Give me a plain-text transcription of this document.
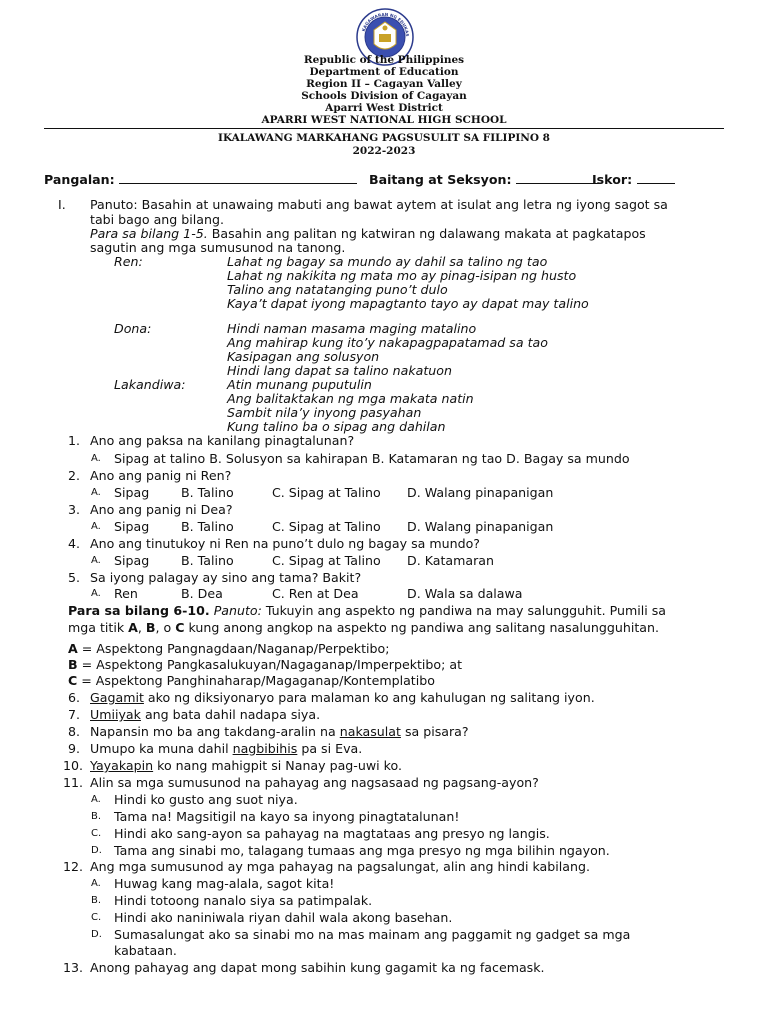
KAGAWARAN NG EDUKAS
Republic of the Philippines
Department of Education
Region II – Cagayan Valley
Schools Division of Cagayan
Aparri West District
APARRI WEST NATIONAL HIGH SCHOOL
IKALAWANG MARKAHANG PAGSUSULIT SA FILIPINO 8
2022-2023
Pangalan:	Baitang at Seksyon:	Iskor:
I. Panuto: Basahin at unawaing mabuti ang bawat aytem at isulat ang letra ng iyong sagot sa
tabi bago ang bilang.
Para sa bilang 1-5. Basahin ang palitan ng katwiran ng dalawang makata at pagkatapos
sagutin ang mga sumusunod na tanong.
Ren:	Lahat ng bagay sa mundo ay dahil sa talino ng tao
Lahat ng nakikita ng mata mo ay pinag-isipan ng husto
Talino ang natatanging puno’t dulo
Kaya’t dapat iyong mapagtanto tayo ay dapat may talino
Dona:	Hindi naman masama maging matalino
Ang mahirap kung ito’y nakapagpapatamad sa tao
Kasipagan ang solusyon
Hindi lang dapat sa talino nakatuon
Lakandiwa:	Atin munang puputulin
Ang balitaktakan ng mga makata natin
Sambit nila’y inyong pasyahan
Kung talino ba o sipag ang dahilan
1. Ano ang paksa na kanilang pinagtalunan?
A. Sipag at talino B. Solusyon sa kahirapan B. Katamaran ng tao D. Bagay sa mundo
2. Ano ang panig ni Ren?
A. Sipag	B. Talino	C. Sipag at Talino D. Walang pinapanigan
3. Ano ang panig ni Dea?
A. Sipag	B. Talino	C. Sipag at Talino D. Walang pinapanigan
4. Ano ang tinutukoy ni Ren na puno’t dulo ng bagay sa mundo?
A. Sipag	B. Talino	C. Sipag at Talino D. Katamaran
5. Sa iyong palagay ay sino ang tama? Bakit?
A. Ren	B. Dea	C. Ren at Dea	D. Wala sa dalawa
Para sa bilang 6-10. Panuto: Tukuyin ang aspekto ng pandiwa na may salungguhit. Pumili sa
mga titik A, B, o C kung anong angkop na aspekto ng pandiwa ang salitang nasalungguhitan.
A = Aspektong Pangnagdaan/Naganap/Perpektibo;
B = Aspektong Pangkasalukuyan/Nagaganap/Imperpektibo; at
C = Aspektong Panghinaharap/Magaganap/Kontemplatibo
6. Gagamit ako ng diksiyonaryo para malaman ko ang kahulugan ng salitang iyon.
7. Umiiyak ang bata dahil nadapa siya.
8. Napansin mo ba ang takdang-aralin na nakasulat sa pisara?
9. Umupo ka muna dahil nagbibihis pa si Eva.
10. Yayakapin ko nang mahigpit si Nanay pag-uwi ko.
11. Alin sa mga sumusunod na pahayag ang nagsasaad ng pagsang-ayon?
A. Hindi ko gusto ang suot niya.
B. Tama na! Magsitigil na kayo sa inyong pinagtatalunan!
C. Hindi ako sang-ayon sa pahayag na magtataas ang presyo ng langis.
D. Tama ang sinabi mo, talagang tumaas ang mga presyo ng mga bilihin ngayon.
12. Ang mga sumusunod ay mga pahayag na pagsalungat, alin ang hindi kabilang.
A. Huwag kang mag-alala, sagot kita!
B. Hindi totoong nanalo siya sa patimpalak.
C. Hindi ako naniniwala riyan dahil wala akong basehan.
D. Sumasalungat ako sa sinabi mo na mas mainam ang paggamit ng gadget sa mga
kabataan.
13. Anong pahayag ang dapat mong sabihin kung gagamit ka ng facemask.
